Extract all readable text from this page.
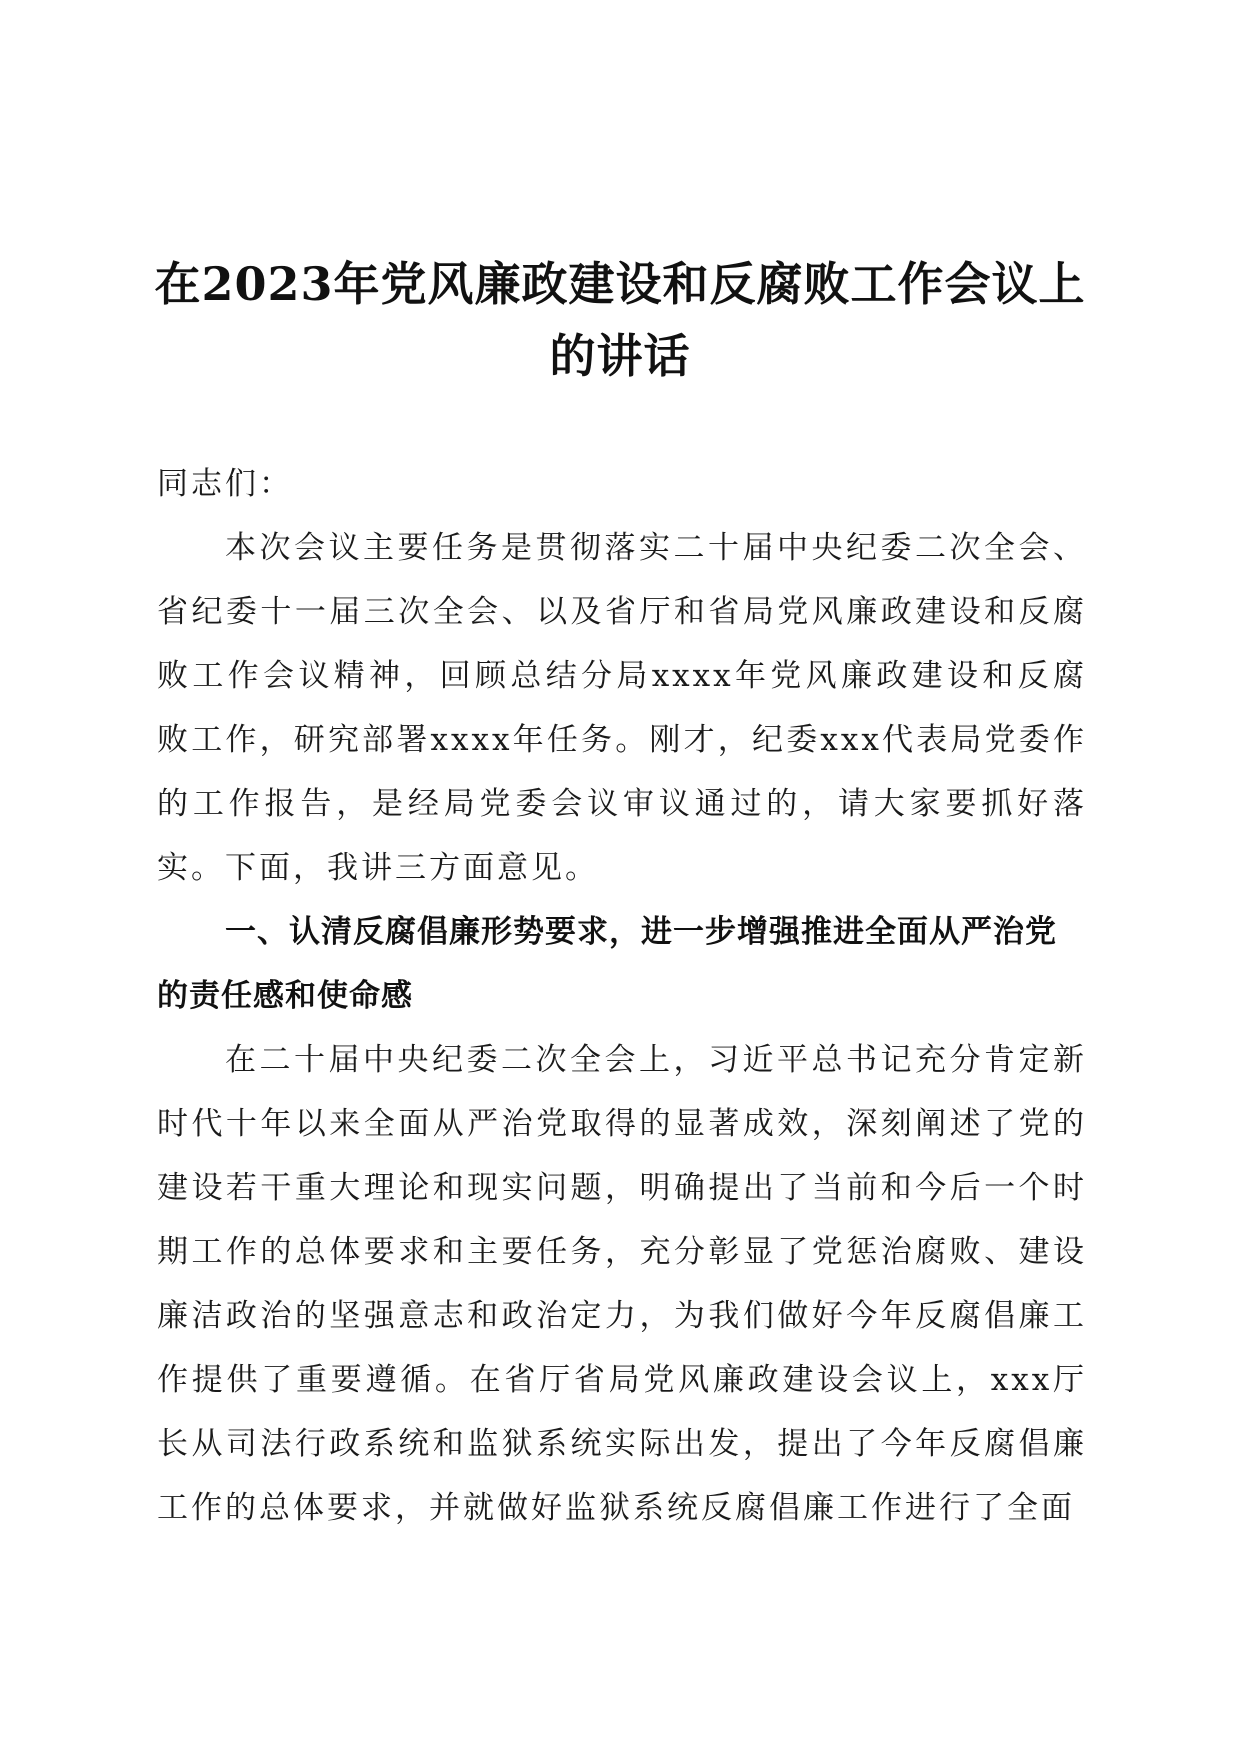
在2023年党风廉政建设和反腐败工作会议上的讲话
同志们：
本次会议主要任务是贯彻落实二十届中央纪委二次全会、省纪委十一届三次全会、以及省厅和省局党风廉政建设和反腐败工作会议精神，回顾总结分局xxxx年党风廉政建设和反腐败工作，研究部署xxxx年任务。刚才，纪委xxx代表局党委作的工作报告，是经局党委会议审议通过的，请大家要抓好落实。下面，我讲三方面意见。
一、认清反腐倡廉形势要求，进一步增强推进全面从严治党的责任感和使命感
在二十届中央纪委二次全会上，习近平总书记充分肯定新时代十年以来全面从严治党取得的显著成效，深刻阐述了党的建设若干重大理论和现实问题，明确提出了当前和今后一个时期工作的总体要求和主要任务，充分彰显了党惩治腐败、建设廉洁政治的坚强意志和政治定力，为我们做好今年反腐倡廉工作提供了重要遵循。在省厅省局党风廉政建设会议上，xxx厅长从司法行政系统和监狱系统实际出发，提出了今年反腐倡廉工作的总体要求，并就做好监狱系统反腐倡廉工作进行了全面
